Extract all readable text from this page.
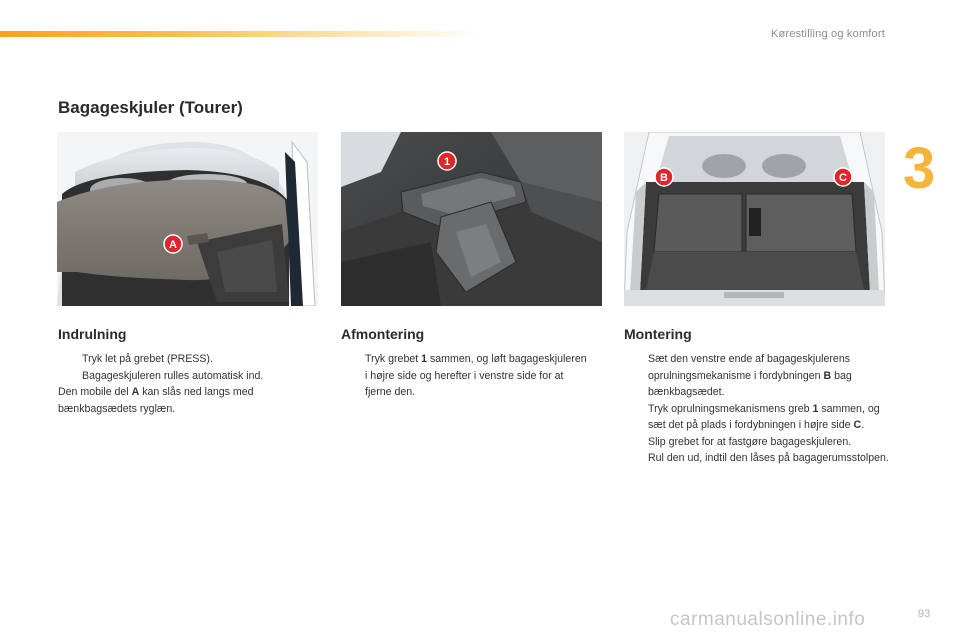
Kørestilling og komfort
3
Bagageskjuler (Tourer)
A
1
B	C
Indrulning
Tryk let på grebet (PRESS).
Bagageskjuleren rulles automatisk ind.

Den mobile del A kan slås ned langs med bænkbagsædets ryglæn.

Afmontering
Tryk grebet 1 sammen, og løft bagageskjuleren i højre side og herefter i venstre side for at fjerne den.
Montering
Sæt den venstre ende af bagageskjulerens oprulningsmekanisme i fordybningen B bag bænkbagsædet.
Tryk oprulningsmekanismens greb 1 sammen, og sæt det på plads i fordybningen i højre side C.
Slip grebet for at fastgøre bagageskjuleren.
Rul den ud, indtil den låses på bagagerumsstolpen.
carmanualsonline.info	93
